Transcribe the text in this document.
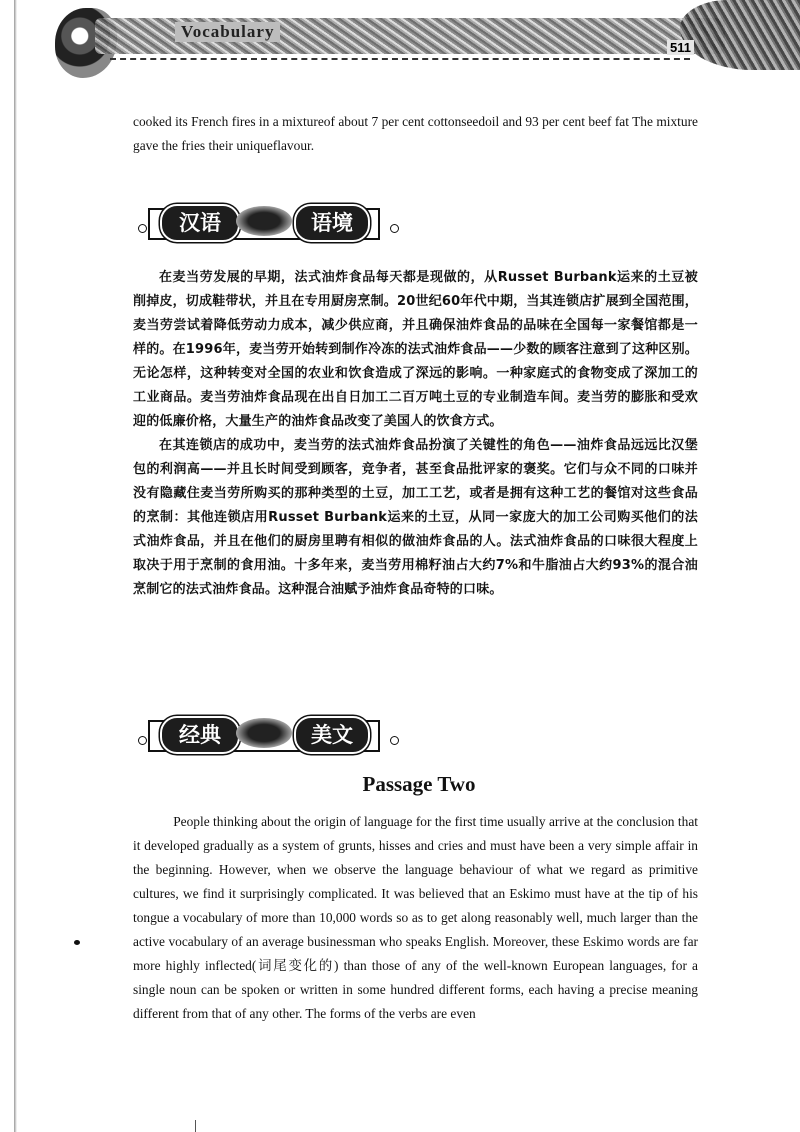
Vocabulary
511

cooked its French fires in a mixtureof about 7 per cent cottonseedoil and 93 per cent beef fat The mixture gave the fries their uniqueflavour.

汉语	语境

在麦当劳发展的早期，法式油炸食品每天都是现做的，从Russet Burbank运来的土豆被削掉皮，切成鞋带状，并且在专用厨房烹制。20世纪60年代中期，当其连锁店扩展到全国范围，麦当劳尝试着降低劳动力成本，减少供应商，并且确保油炸食品的品味在全国每一家餐馆都是一样的。在1996年，麦当劳开始转到制作冷冻的法式油炸食品——少数的顾客注意到了这种区别。无论怎样，这种转变对全国的农业和饮食造成了深远的影响。一种家庭式的食物变成了深加工的工业商品。麦当劳油炸食品现在出自日加工二百万吨土豆的专业制造车间。麦当劳的膨胀和受欢迎的低廉价格，大量生产的油炸食品改变了美国人的饮食方式。

在其连锁店的成功中，麦当劳的法式油炸食品扮演了关键性的角色——油炸食品远远比汉堡包的利润高——并且长时间受到顾客，竞争者，甚至食品批评家的褒奖。它们与众不同的口味并没有隐藏住麦当劳所购买的那种类型的土豆，加工工艺，或者是拥有这种工艺的餐馆对这些食品的烹制：其他连锁店用Russet Burbank运来的土豆，从同一家庞大的加工公司购买他们的法式油炸食品，并且在他们的厨房里聘有相似的做油炸食品的人。法式油炸食品的口味很大程度上取决于用于烹制的食用油。十多年来，麦当劳用棉籽油占大约7%和牛脂油占大约93%的混合油烹制它的法式油炸食品。这种混合油赋予油炸食品奇特的口味。

经典	美文
Passage Two

People thinking about the origin of language for the first time usually arrive at the conclusion that it developed gradually as a system of grunts, hisses and cries and must have been a very simple affair in the beginning. However, when we observe the language behaviour of what we regard as primitive cultures, we find it surprisingly complicated. It was believed that an Eskimo must have at the tip of his tongue a vocabulary of more than 10,000 words so as to get along reasonably well, much larger than the active vocabulary of an average businessman who speaks English. Moreover, these Eskimo words are far more highly inflected(词尾变化的) than those of any of the well-known European languages, for a single noun can be spoken or written in some hundred different forms, each having a precise meaning different from that of any other. The forms of the verbs are even
